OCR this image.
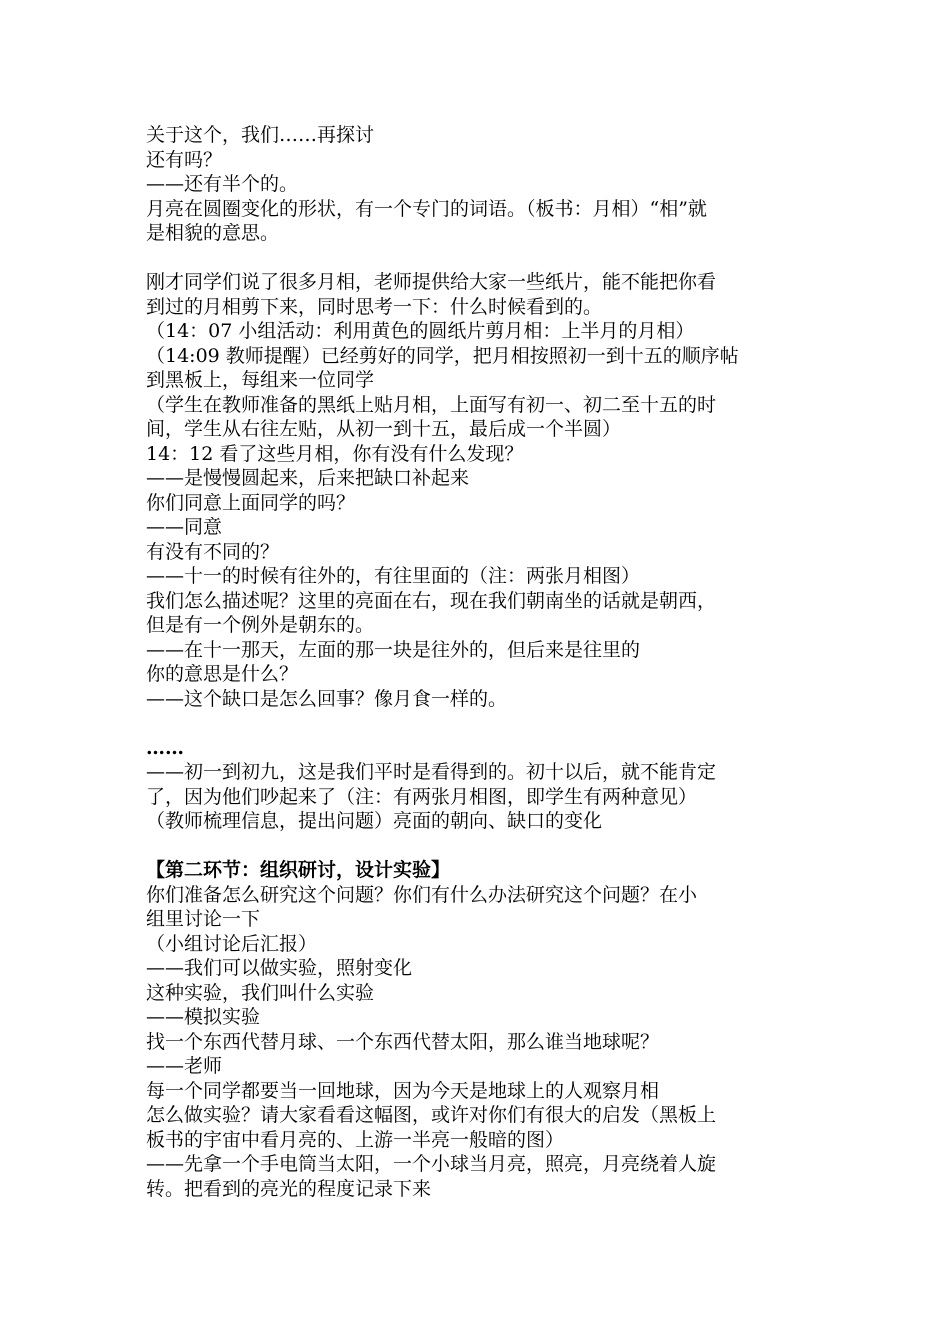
关于这个，我们……再探讨
还有吗？
——还有半个的。
月亮在圆圈变化的形状，有一个专门的词语。（板书：月相）“相”就
是相貌的意思。
刚才同学们说了很多月相，老师提供给大家一些纸片，能不能把你看
到过的月相剪下来，同时思考一下：什么时候看到的。
（14：07 小组活动：利用黄色的圆纸片剪月相：上半月的月相）
（14:09 教师提醒）已经剪好的同学，把月相按照初一到十五的顺序帖
到黑板上，每组来一位同学
（学生在教师准备的黑纸上贴月相，上面写有初一、初二至十五的时
间，学生从右往左贴，从初一到十五，最后成一个半圆）
14：12 看了这些月相，你有没有什么发现？
——是慢慢圆起来，后来把缺口补起来
你们同意上面同学的吗？
——同意
有没有不同的？
——十一的时候有往外的，有往里面的（注：两张月相图）
我们怎么描述呢？这里的亮面在右，现在我们朝南坐的话就是朝西，
但是有一个例外是朝东的。
——在十一那天，左面的那一块是往外的，但后来是往里的
你的意思是什么？
——这个缺口是怎么回事？像月食一样的。
……
——初一到初九，这是我们平时是看得到的。初十以后，就不能肯定
了，因为他们吵起来了（注：有两张月相图，即学生有两种意见）
（教师梳理信息，提出问题）亮面的朝向、缺口的变化
【第二环节：组织研讨，设计实验】
你们准备怎么研究这个问题？你们有什么办法研究这个问题？在小
组里讨论一下
（小组讨论后汇报）
——我们可以做实验，照射变化
这种实验，我们叫什么实验
——模拟实验
找一个东西代替月球、一个东西代替太阳，那么谁当地球呢？
——老师
每一个同学都要当一回地球，因为今天是地球上的人观察月相
怎么做实验？请大家看看这幅图，或许对你们有很大的启发（黑板上
板书的宇宙中看月亮的、上游一半亮一般暗的图）
——先拿一个手电筒当太阳，一个小球当月亮，照亮，月亮绕着人旋
转。把看到的亮光的程度记录下来
